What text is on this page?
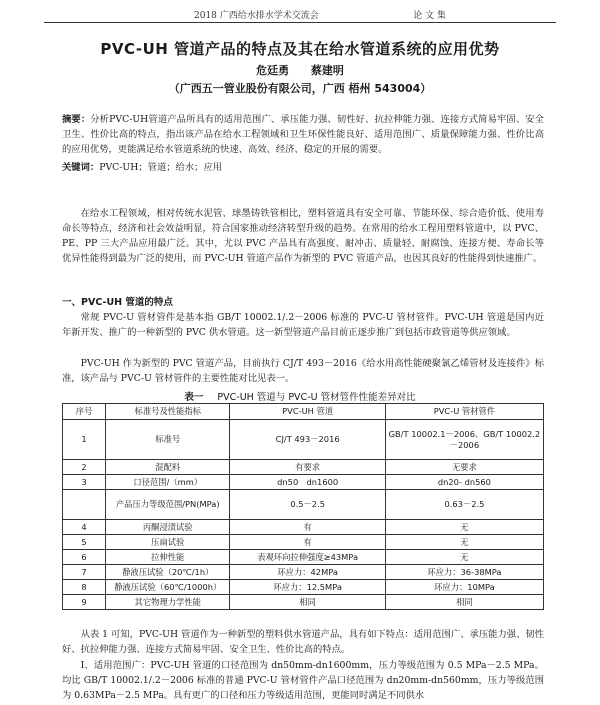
2018 广西给水排水学术交流会	论 文 集
PVC-UH 管道产品的特点及其在给水管道系统的应用优势
危廷勇 蔡建明
（广西五一管业股份有限公司，广西 梧州 543004）
摘要：分析PVC-UH管道产品所具有的适用范围广、承压能力强、韧性好、抗拉伸能力强、连接方式简易牢固、安全卫生、性价比高的特点，指出该产品在给水工程领域和卫生环保性能良好、适用范围广、质量保障能力强、性价比高的应用优势，更能满足给水管道系统的快速、高效、经济、稳定的开展的需要。
关键词：PVC-UH；管道；给水；应用
在给水工程领域，相对传统水泥管、球墨铸铁管相比，塑料管道具有安全可靠、节能环保、综合造价低、使用寿命长等特点，经济和社会效益明显，符合国家推动经济转型升级的趋势。在常用的给水工程用塑料管道中，以 PVC、PE、PP 三大产品应用最广泛。其中，尤以 PVC 产品具有高强度、耐冲击、质量轻、耐腐蚀、连接方便、寿命长等优异性能得到最为广泛的使用，而 PVC-UH 管道产品作为新型的 PVC 管道产品，也因其良好的性能得到快速推广。
一、PVC-UH 管道的特点
常规 PVC-U 管材管件是基本指 GB/T 10002.1/.2－2006 标准的 PVC-U 管材管件。PVC-UH 管道是国内近年新开发、推广的一种新型的 PVC 供水管道。这一新型管道产品目前正逐步推广到包括市政管道等供应领域。
PVC-UH 作为新型的 PVC 管道产品，目前执行 CJ/T 493－2016《给水用高性能硬聚氯乙烯管材及连接件》标准，该产品与 PVC-U 管材管件的主要性能对比见表一。
表一 PVC-UH 管道与 PVC-U 管材管件性能差异对比
序号	标准号及性能指标	PVC-UH 管道	PVC-U 管材管件
1	标准号	CJ/T 493－2016	GB/T 10002.1－2006、GB/T 10002.2－2006
2	混配料	有要求	无要求
3	口径范围/（mm）	dn50　dn1600	dn20- dn560
	产品压力等级范围/PN(MPa)	0.5－2.5	0.63－2.5
4	丙酮浸渍试验	有	无
5	压扁试验	有	无
6	拉伸性能	表观环向拉伸强度≥43MPa	无
7	静液压试验（20℃/1h）	环应力：42MPa	环应力：36-38MPa
8	静液压试验（60℃/1000h）	环应力：12.5MPa	环应力：10MPa
9	其它物理力学性能	相同	相同
从表 1 可知，PVC-UH 管道作为一种新型的塑料供水管道产品，具有如下特点：适用范围广、承压能力强、韧性好、抗拉伸能力强、连接方式简易牢固、安全卫生、性价比高的特点。
Ⅰ、适用范围广：PVC-UH 管道的口径范围为 dn50mm-dn1600mm，压力等级范围为 0.5 MPa－2.5 MPa。均比 GB/T 10002.1/.2－2006 标准的普通 PVC-U 管材管件产品口径范围为 dn20mm-dn560mm，压力等级范围为 0.63MPa－2.5 MPa。具有更广的口径和压力等级适用范围，更能同时满足不同供水
